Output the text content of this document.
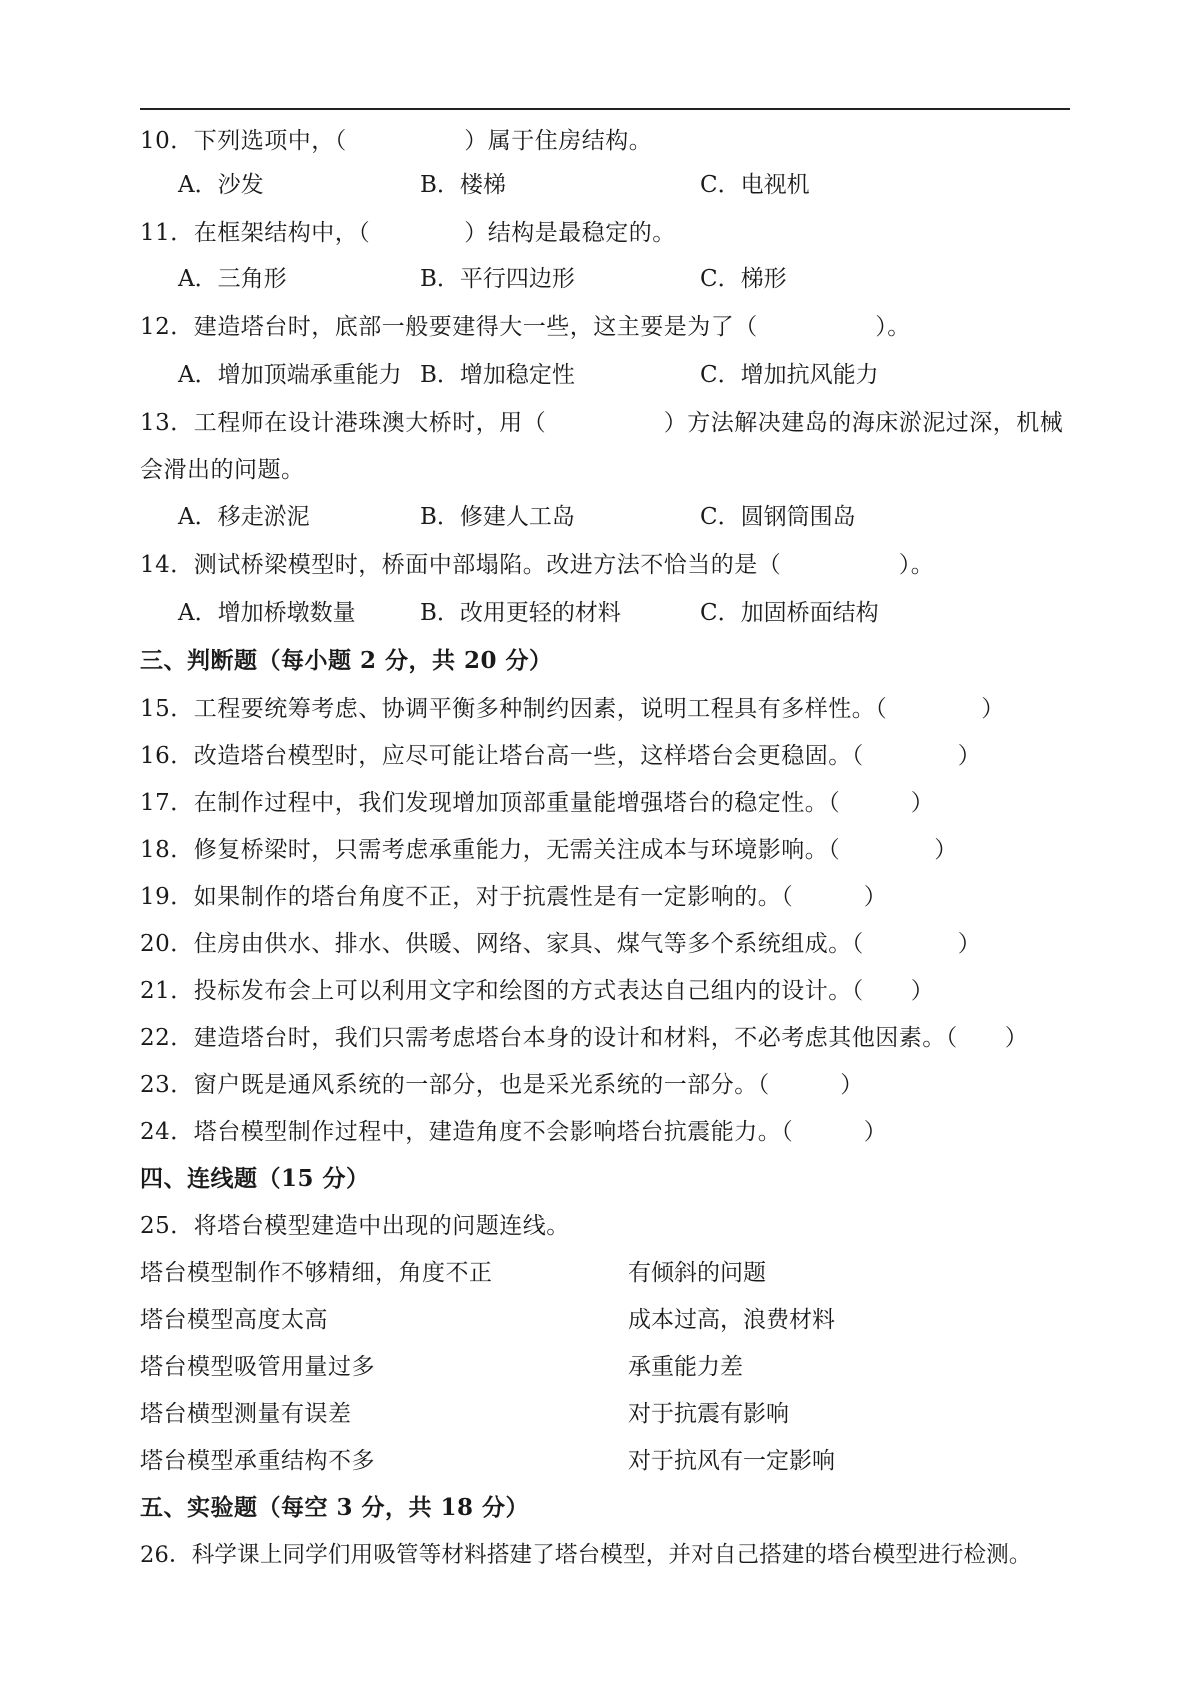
10．下列选项中，（　　　　　）属于住房结构。
A．沙发	B．楼梯	C．电视机
11．在框架结构中，（　　　　）结构是最稳定的。
A．三角形	B．平行四边形	C．梯形
12．建造塔台时，底部一般要建得大一些，这主要是为了（　　　　　）。
A．增加顶端承重能力 B．增加稳定性	C．增加抗风能力
13．工程师在设计港珠澳大桥时，用（　　　　　）方法解决建岛的海床淤泥过深，机械
会滑出的问题。
A．移走淤泥	B．修建人工岛	C．圆钢筒围岛
14．测试桥梁模型时，桥面中部塌陷。改进方法不恰当的是（　　　　　）。
A．增加桥墩数量	B．改用更轻的材料	C．加固桥面结构
三、判断题（每小题 2 分，共 20 分）
15．工程要统筹考虑、协调平衡多种制约因素，说明工程具有多样性。（　　　　）
16．改造塔台模型时，应尽可能让塔台高一些，这样塔台会更稳固。（　　　　）
17．在制作过程中，我们发现增加顶部重量能增强塔台的稳定性。（　　　）
18．修复桥梁时，只需考虑承重能力，无需关注成本与环境影响。（　　　　）
19．如果制作的塔台角度不正，对于抗震性是有一定影响的。（　　　）
20．住房由供水、排水、供暖、网络、家具、煤气等多个系统组成。（　　　　）
21．投标发布会上可以利用文字和绘图的方式表达自己组内的设计。（　　）
22．建造塔台时，我们只需考虑塔台本身的设计和材料，不必考虑其他因素。（　　）
23．窗户既是通风系统的一部分，也是采光系统的一部分。（　　　）
24．塔台模型制作过程中，建造角度不会影响塔台抗震能力。（　　　）
四、连线题（15 分）
25．将塔台模型建造中出现的问题连线。
塔台模型制作不够精细，角度不正	有倾斜的问题
塔台模型高度太高	成本过高，浪费材料
塔台模型吸管用量过多	承重能力差
塔台横型测量有误差	对于抗震有影响
塔台模型承重结构不多	对于抗风有一定影响
五、实验题（每空 3 分，共 18 分）
26．科学课上同学们用吸管等材料搭建了塔台模型，并对自己搭建的塔台模型进行检测。
